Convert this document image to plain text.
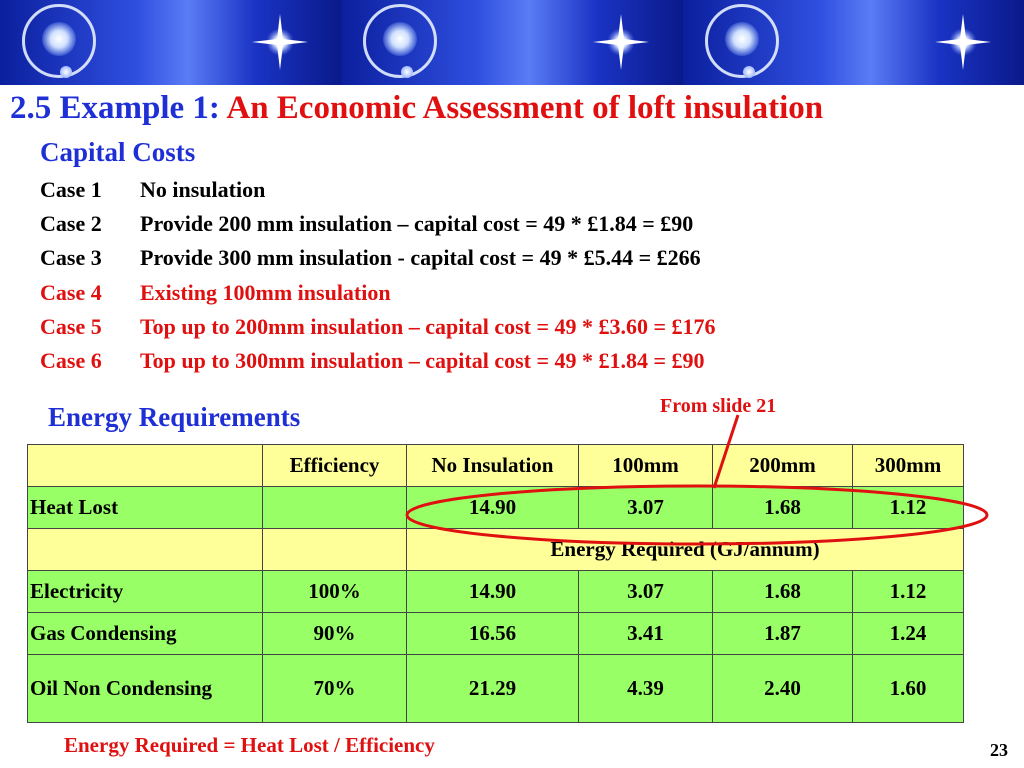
2.5 Example 1: An Economic Assessment of loft insulation
Capital Costs
Case 1 No insulation
Case 2 Provide 200 mm insulation – capital cost = 49 * £1.84 = £90
Case 3 Provide 300 mm insulation - capital cost = 49 * £5.44 = £266
Case 4 Existing 100mm insulation
Case 5 Top up to 200mm insulation – capital cost = 49 * £3.60 = £176
Case 6 Top up to 300mm insulation – capital cost = 49 * £1.84 = £90
Energy Requirements	From slide 21
	Efficiency	No Insulation	100mm	200mm	300mm
Heat Lost		14.90	3.07	1.68	1.12
		Energy Required (GJ/annum)			
Electricity	100%	14.90	3.07	1.68	1.12
Gas Condensing	90%	16.56	3.41	1.87	1.24
Oil Non Condensing	70%	21.29	4.39	2.40	1.60
Energy Required = Heat Lost / Efficiency	23
